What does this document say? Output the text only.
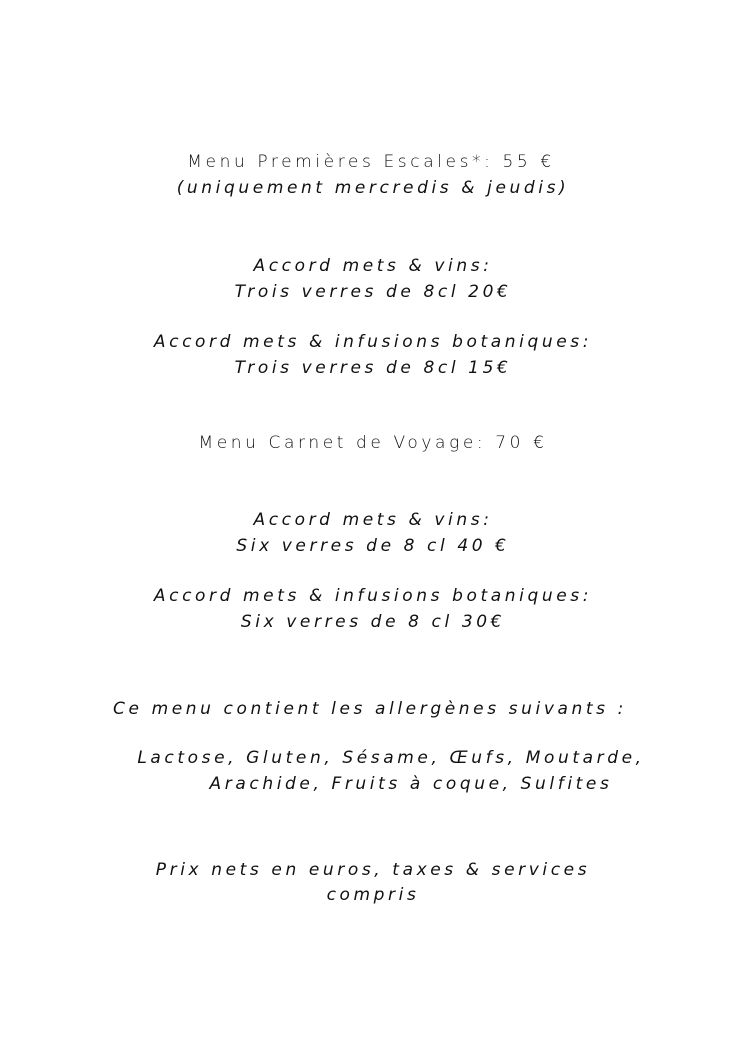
Menu Premières Escales*: 55 €
(uniquement mercredis & jeudis)
Accord mets & vins:
Trois verres de 8cl 20€
Accord mets & infusions botaniques:
Trois verres de 8cl 15€
Menu Carnet de Voyage: 70 €
Accord mets & vins:
Six verres de 8 cl 40 €
Accord mets & infusions botaniques:
Six verres de 8 cl 30€
Ce menu contient les allergènes suivants :
Lactose, Gluten, Sésame, Œufs, Moutarde,
Arachide, Fruits à coque, Sulfites
Prix nets en euros, taxes & services
compris
